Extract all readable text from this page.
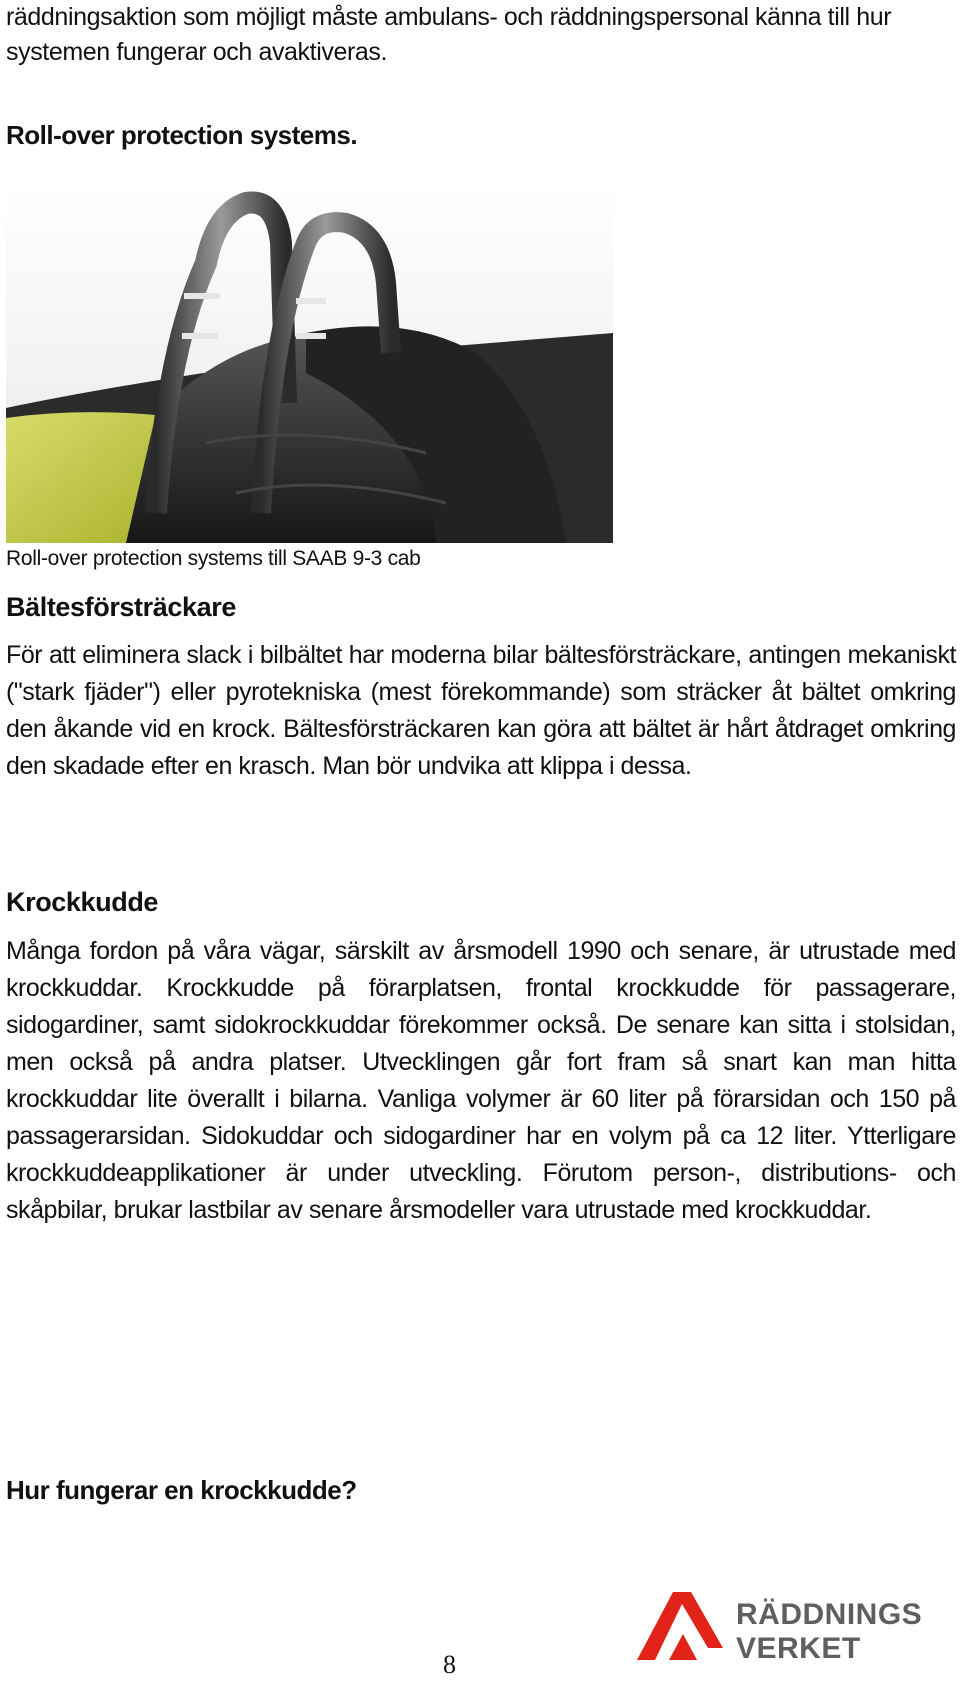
räddningsaktion som möjligt måste ambulans- och räddningspersonal känna till hur systemen fungerar och avaktiveras.

Roll-over protection systems.

Roll-over protection systems till SAAB 9-3 cab

Bältesförsträckare

För att eliminera slack i bilbältet har moderna bilar bältesförsträckare, antingen mekaniskt ("stark fjäder") eller pyrotekniska (mest förekommande) som sträcker åt bältet omkring den åkande vid en krock. Bältesförsträckaren kan göra att bältet är hårt åtdraget omkring den skadade efter en krasch. Man bör undvika att klippa i dessa.

Krockkudde

Många fordon på våra vägar, särskilt av årsmodell 1990 och senare, är utrustade med krockkuddar. Krockkudde på förarplatsen, frontal krockkudde för passagerare, sidogardiner, samt sidokrockkuddar förekommer också. De senare kan sitta i stolsidan, men också på andra platser. Utvecklingen går fort fram så snart kan man hitta krockkuddar lite överallt i bilarna. Vanliga volymer är 60 liter på förarsidan och 150 på passagerarsidan. Sidokuddar och sidogardiner har en volym på ca 12 liter. Ytterligare krockkuddeapplikationer är under utveckling. Förutom person-, distributions- och skåpbilar, brukar lastbilar av senare årsmodeller vara utrustade med krockkuddar.

Hur fungerar en krockkudde?
8
RÄDDNINGS
VERKET
